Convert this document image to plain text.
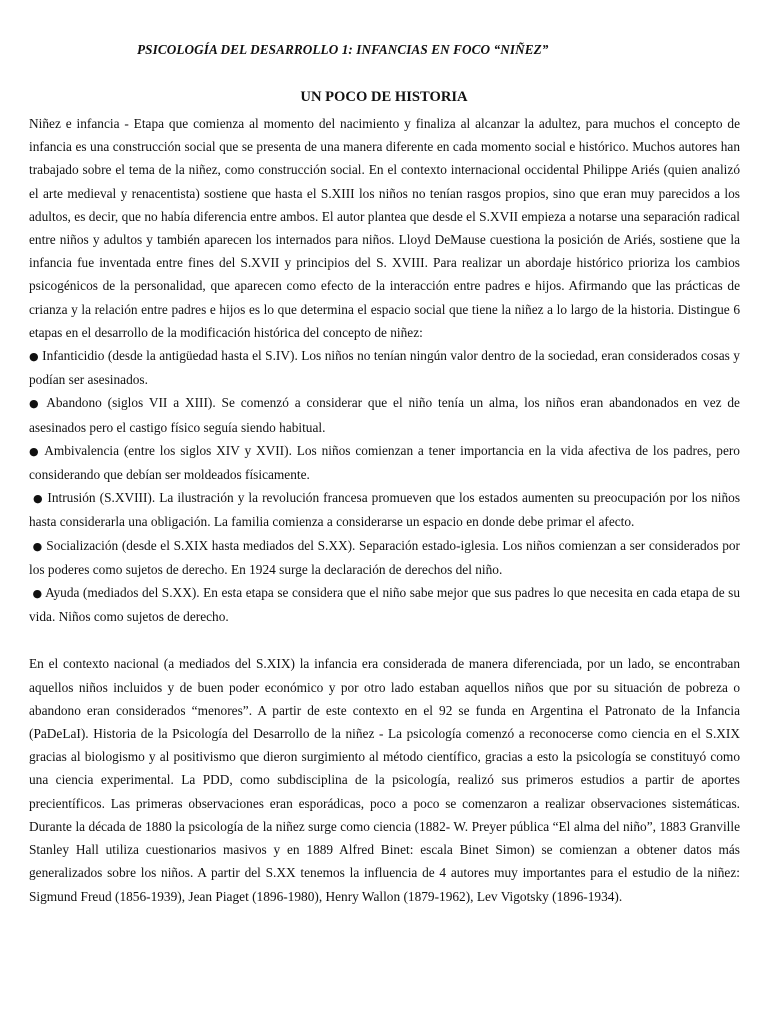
PSICOLOGÍA DEL DESARROLLO 1: INFANCIAS EN FOCO “NIÑEZ”
UN POCO DE HISTORIA

Niñez e infancia - Etapa que comienza al momento del nacimiento y finaliza al alcanzar la adultez, para muchos el concepto de infancia es una construcción social que se presenta de una manera diferente en cada momento social e histórico. Muchos autores han trabajado sobre el tema de la niñez, como construcción social. En el contexto internacional occidental Philippe Ariés (quien analizó el arte medieval y renacentista) sostiene que hasta el S.XIII los niños no tenían rasgos propios, sino que eran muy parecidos a los adultos, es decir, que no había diferencia entre ambos. El autor plantea que desde el S.XVII empieza a notarse una separación radical entre niños y adultos y también aparecen los internados para niños. Lloyd DeMause cuestiona la posición de Ariés, sostiene que la infancia fue inventada entre fines del S.XVII y principios del S. XVIII. Para realizar un abordaje histórico prioriza los cambios psicogénicos de la personalidad, que aparecen como efecto de la interacción entre padres e hijos. Afirmando que las prácticas de crianza y la relación entre padres e hijos es lo que determina el espacio social que tiene la niñez a lo largo de la historia. Distingue 6 etapas en el desarrollo de la modificación histórica del concepto de niñez:

● Infanticidio (desde la antigüedad hasta el S.IV). Los niños no tenían ningún valor dentro de la sociedad, eran considerados cosas y podían ser asesinados.

● Abandono (siglos VII a XIII). Se comenzó a considerar que el niño tenía un alma, los niños eran abandonados en vez de asesinados pero el castigo físico seguía siendo habitual.

● Ambivalencia (entre los siglos XIV y XVII). Los niños comienzan a tener importancia en la vida afectiva de los padres, pero considerando que debían ser moldeados físicamente.

● Intrusión (S.XVIII). La ilustración y la revolución francesa promueven que los estados aumenten su preocupación por los niños hasta considerarla una obligación. La familia comienza a considerarse un espacio en donde debe primar el afecto.

● Socialización (desde el S.XIX hasta mediados del S.XX). Separación estado-iglesia. Los niños comienzan a ser considerados por los poderes como sujetos de derecho. En 1924 surge la declaración de derechos del niño.

● Ayuda (mediados del S.XX). En esta etapa se considera que el niño sabe mejor que sus padres lo que necesita en cada etapa de su vida. Niños como sujetos de derecho.

En el contexto nacional (a mediados del S.XIX) la infancia era considerada de manera diferenciada, por un lado, se encontraban aquellos niños incluidos y de buen poder económico y por otro lado estaban aquellos niños que por su situación de pobreza o abandono eran considerados “menores”. A partir de este contexto en el 92 se funda en Argentina el Patronato de la Infancia (PaDeLaI). Historia de la Psicología del Desarrollo de la niñez - La psicología comenzó a reconocerse como ciencia en el S.XIX gracias al biologismo y al positivismo que dieron surgimiento al método científico, gracias a esto la psicología se constituyó como una ciencia experimental. La PDD, como subdisciplina de la psicología, realizó sus primeros estudios a partir de aportes precientíficos. Las primeras observaciones eran esporádicas, poco a poco se comenzaron a realizar observaciones sistemáticas. Durante la década de 1880 la psicología de la niñez surge como ciencia (1882- W. Preyer pública “El alma del niño”, 1883 Granville Stanley Hall utiliza cuestionarios masivos y en 1889 Alfred Binet: escala Binet Simon) se comienzan a obtener datos más generalizados sobre los niños. A partir del S.XX tenemos la influencia de 4 autores muy importantes para el estudio de la niñez: Sigmund Freud (1856-1939), Jean Piaget (1896-1980), Henry Wallon (1879-1962), Lev Vigotsky (1896-1934).
